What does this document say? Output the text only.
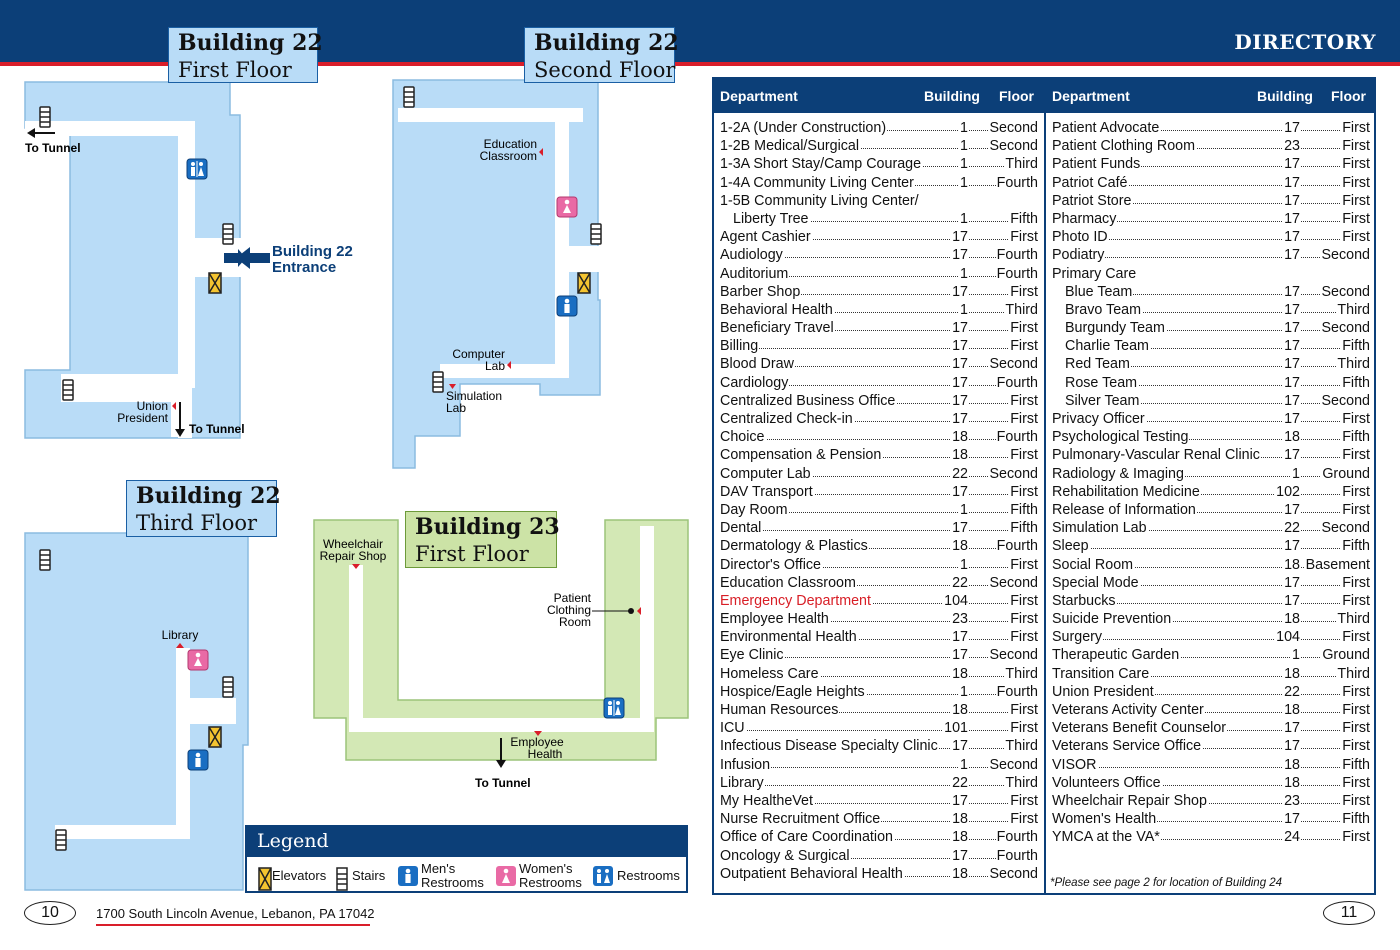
DIRECTORY
To Tunnel
Building 22 Entrance
Union President
To Tunnel
Education Classroom
Computer Lab
Simulation Lab
Library
Wheelchair Repair Shop
Patient Clothing Room
Employee Health
To Tunnel
Building 22
First Floor
Building 22
Second Floor
Building 22
Third Floor	Building 23
First Floor
Legend
Elevators Stairs	Men's Restrooms
Women's Restrooms	Restrooms
10	1700 South Lincoln Avenue, Lebanon, PA 17042	11
Department	Building Floor Department	Building Floor
1-2A (Under Construction)	1 Second
1-2B Medical/Surgical	1 Second
1-3A Short Stay/Camp Courage	1	Third
1-4A Community Living Center	1 Fourth
1-5B Community Living Center/
Liberty Tree	1	Fifth
Agent Cashier	17	First
Audiology	17 Fourth
Auditorium	1 Fourth
Barber Shop	17	First
Behavioral Health	1	Third
Beneficiary Travel	17	First
Billing	17	First
Blood Draw	17 Second
Cardiology	17 Fourth
Centralized Business Office	17	First
Centralized Check-in	17	First
Choice	18 Fourth
Compensation & Pension	18	First
Computer Lab	22 Second
DAV Transport	17	First
Day Room	1	Fifth
Dental	17	Fifth
Dermatology & Plastics	18 Fourth
Director's Office	1	First
Education Classroom	22 Second
Emergency Department	104	First
Employee Health	23	First
Environmental Health	17	First
Eye Clinic	17 Second
Homeless Care	18	Third
Hospice/Eagle Heights	1 Fourth
Human Resources	18	First
ICU	101	First
Infectious Disease Specialty Clinic 17	Third
Infusion	1 Second
Library	22	Third
My HealtheVet	17	First
Nurse Recruitment Office	18	First
Office of Care Coordination	18 Fourth
Oncology & Surgical	17 Fourth
Outpatient Behavioral Health	18 Second
Patient Advocate	17	First
Patient Clothing Room	23	First
Patient Funds	17	First
Patriot Café	17	First
Patriot Store	17	First
Pharmacy	17	First
Photo ID	17	First
Podiatry	17 Second
Primary Care
Blue Team	17 Second
Bravo Team	17	Third
Burgundy Team	17 Second
Charlie Team	17	Fifth
Red Team	17	Third
Rose Team	17	Fifth
Silver Team	17 Second
Privacy Officer	17	First
Psychological Testing	18	Fifth
Pulmonary-Vascular Renal Clinic 17	First
Radiology & Imaging	1 Ground
Rehabilitation Medicine	102	First
Release of Information	17	First
Simulation Lab	22 Second
Sleep	17	Fifth
Social Room	18 Basement
Special Mode	17	First
Starbucks	17	First
Suicide Prevention	18	Third
Surgery	104	First
Therapeutic Garden	1 Ground
Transition Care	18	Third
Union President	22	First
Veterans Activity Center	18	First
Veterans Benefit Counselor	17	First
Veterans Service Office	17	First
VISOR	18	Fifth
Volunteers Office	18	First
Wheelchair Repair Shop	23	First
Women's Health	17	Fifth
YMCA at the VA*	24	First
*Please see page 2 for location of Building 24
